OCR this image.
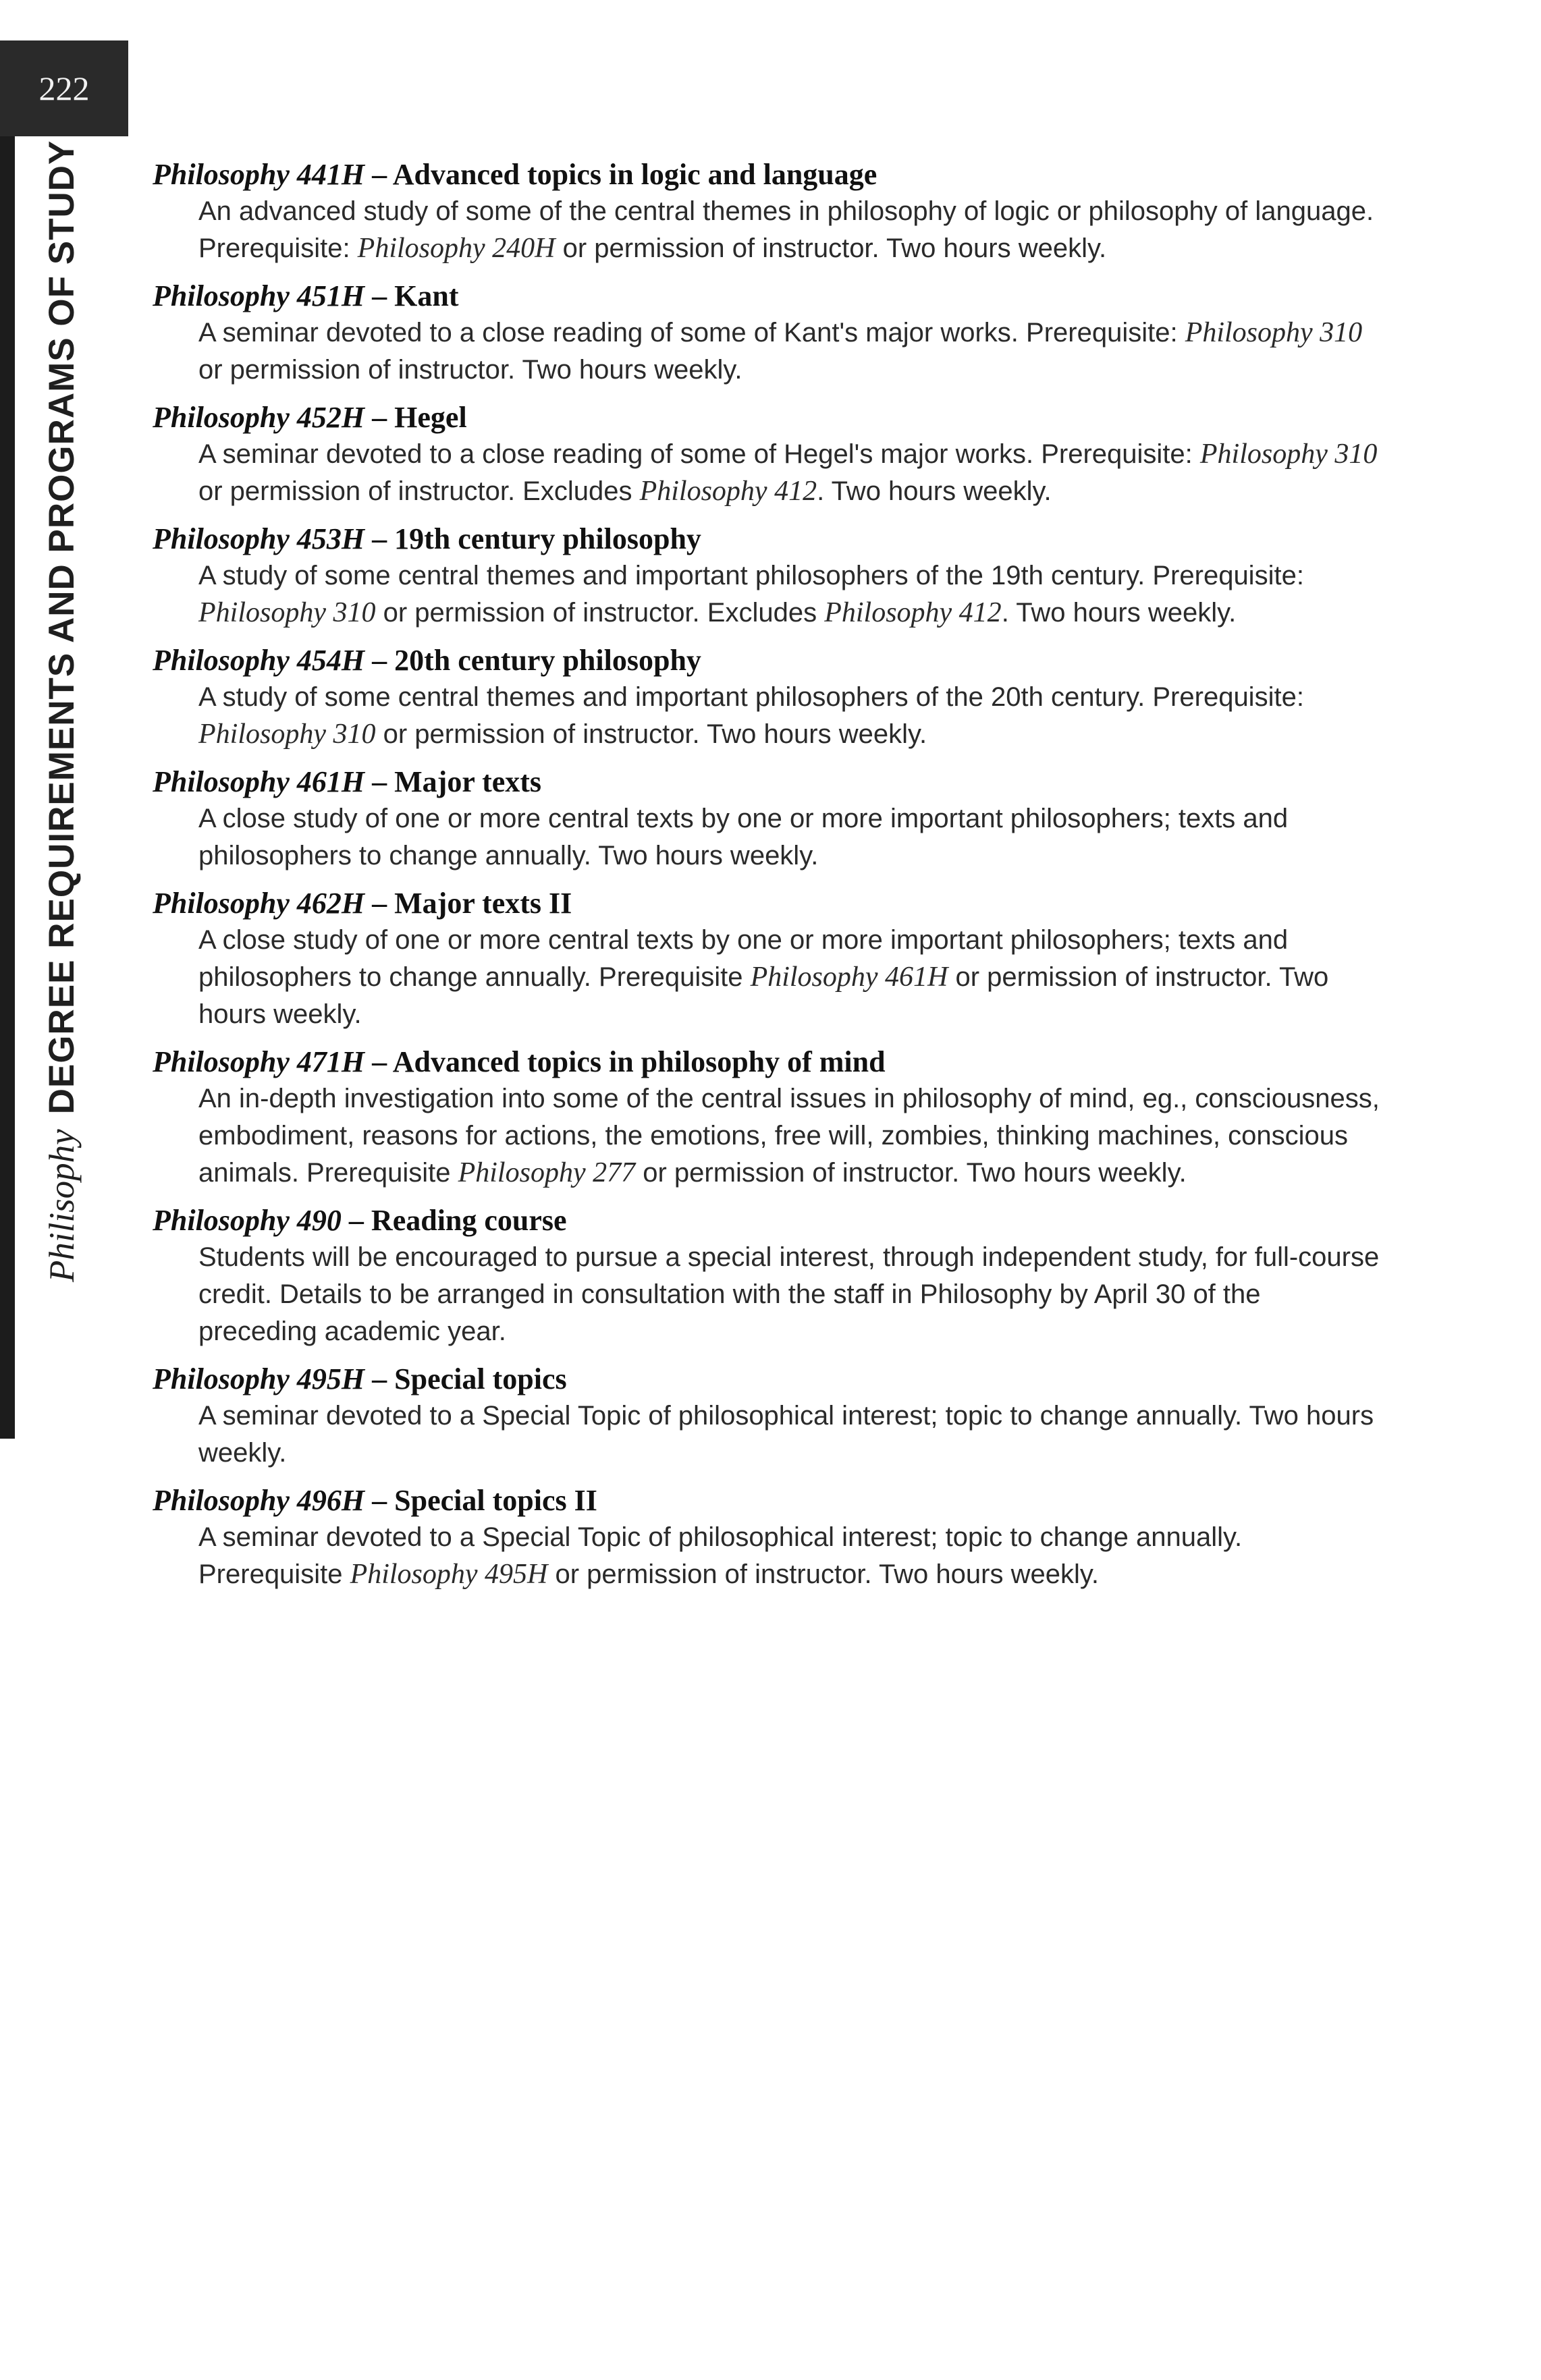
222
PhilisophyDEGREE REQUIREMENTS AND PROGRAMS OF STUDY Philosophy 441H – Advanced topics in logic and language
An advanced study of some of the central themes in philosophy of logic or philosophy of language. Prerequisite: Philosophy 240H or permission of instructor. Two hours weekly.
Philosophy 451H – Kant
A seminar devoted to a close reading of some of Kant's major works. Prerequisite: Philosophy 310 or permission of instructor. Two hours weekly.
Philosophy 452H – Hegel
A seminar devoted to a close reading of some of Hegel's major works. Prerequisite: Philosophy 310 or permission of instructor. Excludes Philosophy 412. Two hours weekly.
Philosophy 453H – 19th century philosophy
A study of some central themes and important philosophers of the 19th century. Prerequisite: Philosophy 310 or permission of instructor. Excludes Philosophy 412. Two hours weekly.
Philosophy 454H – 20th century philosophy
A study of some central themes and important philosophers of the 20th century. Prerequisite: Philosophy 310 or permission of instructor. Two hours weekly.
Philosophy 461H – Major texts
A close study of one or more central texts by one or more important philosophers; texts and philosophers to change annually. Two hours weekly.
Philosophy 462H – Major texts II
A close study of one or more central texts by one or more important philosophers; texts and philosophers to change annually. Prerequisite Philosophy 461H or permission of instructor. Two hours weekly.
Philosophy 471H – Advanced topics in philosophy of mind
An in-depth investigation into some of the central issues in philosophy of mind, eg., consciousness, embodiment, reasons for actions, the emotions, free will, zombies, thinking machines, conscious animals. Prerequisite Philosophy 277 or permission of instructor. Two hours weekly.
Philosophy 490 – Reading course
Students will be encouraged to pursue a special interest, through independent study, for full-course credit. Details to be arranged in consultation with the staff in Philosophy by April 30 of the preceding academic year.
Philosophy 495H – Special topics
A seminar devoted to a Special Topic of philosophical interest; topic to change annually. Two hours weekly.
Philosophy 496H – Special topics II
A seminar devoted to a Special Topic of philosophical interest; topic to change annually. Prerequisite Philosophy 495H or permission of instructor. Two hours weekly.
